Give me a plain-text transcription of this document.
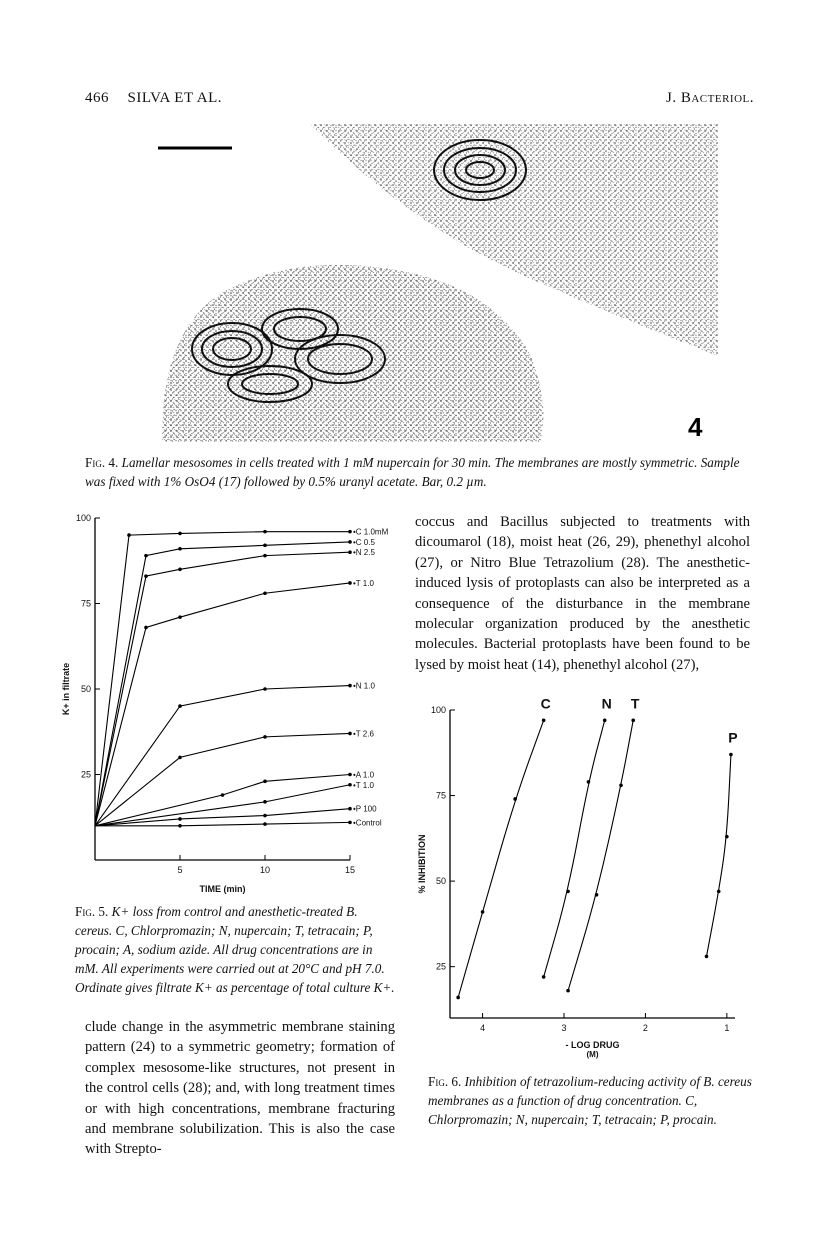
466 SILVA ET AL.	J. Bacteriol.
4
Fig. 4. Lamellar mesosomes in cells treated with 1 mM nupercain for 30 min. The membranes are mostly symmetric. Sample was fixed with 1% OsO4 (17) followed by 0.5% uranyl acetate. Bar, 0.2 µm.
25
50
75
100
5	10	15
TIME (min)
K+ in filtrate
•C 1.0mM
•C 0.5
•N 2.5
•T 1.0
•N 1.0
•T 2.6
•A 1.0
•T 1.0
•P 100
•Control
Fig. 5. K+ loss from control and anesthetic-treated B. cereus. C, Chlorpromazin; N, nupercain; T, tetracain; P, procain; A, sodium azide. All drug concentrations are in mM. All experiments were carried out at 20°C and pH 7.0. Ordinate gives filtrate K+ as percentage of total culture K+.
clude change in the asymmetric membrane staining pattern (24) to a symmetric geometry; formation of complex mesosome-like structures, not present in the control cells (28); and, with long treatment times or with high concentrations, membrane fracturing and membrane solubilization. This is also the case with Strepto-
coccus and Bacillus subjected to treatments with dicoumarol (18), moist heat (26, 29), phenethyl alcohol (27), or Nitro Blue Tetrazolium (28). The anesthetic-induced lysis of protoplasts can also be interpreted as a consequence of the disturbance in the membrane molecular organization produced by the anesthetic molecules. Bacterial protoplasts have been found to be lysed by moist heat (14), phenethyl alcohol (27),
25
50
75
100
4	3	2	1
- LOG DRUG
(M)
% INHIBITION
C	N T
P
Fig. 6. Inhibition of tetrazolium-reducing activity of B. cereus membranes as a function of drug concentration. C, Chlorpromazin; N, nupercain; T, tetracain; P, procain.
